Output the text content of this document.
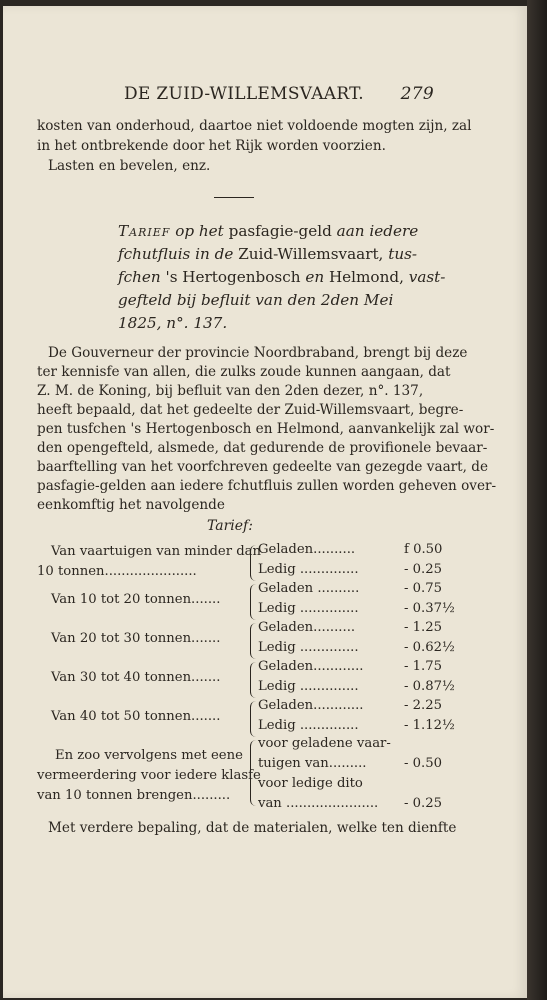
DE ZUID-WILLEMSVAART. 279
kosten van onderhoud, daartoe niet voldoende mogten zijn, zal
in het ontbrekende door het Rijk worden voorzien.
Lasten en bevelen, enz.
Tarief op het pasfagie-geld aan iedere
fchutfluis in de Zuid-Willemsvaart, tus-
fchen 's Hertogenbosch en Helmond, vast-
gefteld bij befluit van den 2den Mei
1825, n°. 137.
De Gouverneur der provincie Noordbraband, brengt bij deze
ter kennisfe van allen, die zulks zoude kunnen aangaan, dat
Z. M. de Koning, bij befluit van den 2den dezer, n°. 137,
heeft bepaald, dat het gedeelte der Zuid-Willemsvaart, begre-
pen tusfchen 's Hertogenbosch en Helmond, aanvankelijk zal wor-
den opengefteld, alsmede, dat gedurende de provifionele bevaar-
baarftelling van het voorfchreven gedeelte van gezegde vaart, de
pasfagie-gelden aan iedere fchutfluis zullen worden geheven over-
eenkomftig het navolgende
Tarief:
Van vaartuigen van minder dan
10 tonnen......................
Geladen..........	f 0.50
Ledig ..............	- 0.25
Van 10 tot 20 tonnen.......
Geladen ..........	- 0.75
Ledig ..............	- 0.37½
Van 20 tot 30 tonnen.......
Geladen..........	- 1.25
Ledig ..............	- 0.62½
Van 30 tot 40 tonnen.......
Geladen............	- 1.75
Ledig ..............	- 0.87½
Van 40 tot 50 tonnen.......
Geladen............	- 2.25
Ledig ..............	- 1.12½
En zoo vervolgens met eene
vermeerdering voor iedere klasfe
van 10 tonnen brengen.........
voor geladene vaar-
tuigen van.........	- 0.50
voor ledige dito
van ...................... - 0.25
Met verdere bepaling, dat de materialen, welke ten dienfte
